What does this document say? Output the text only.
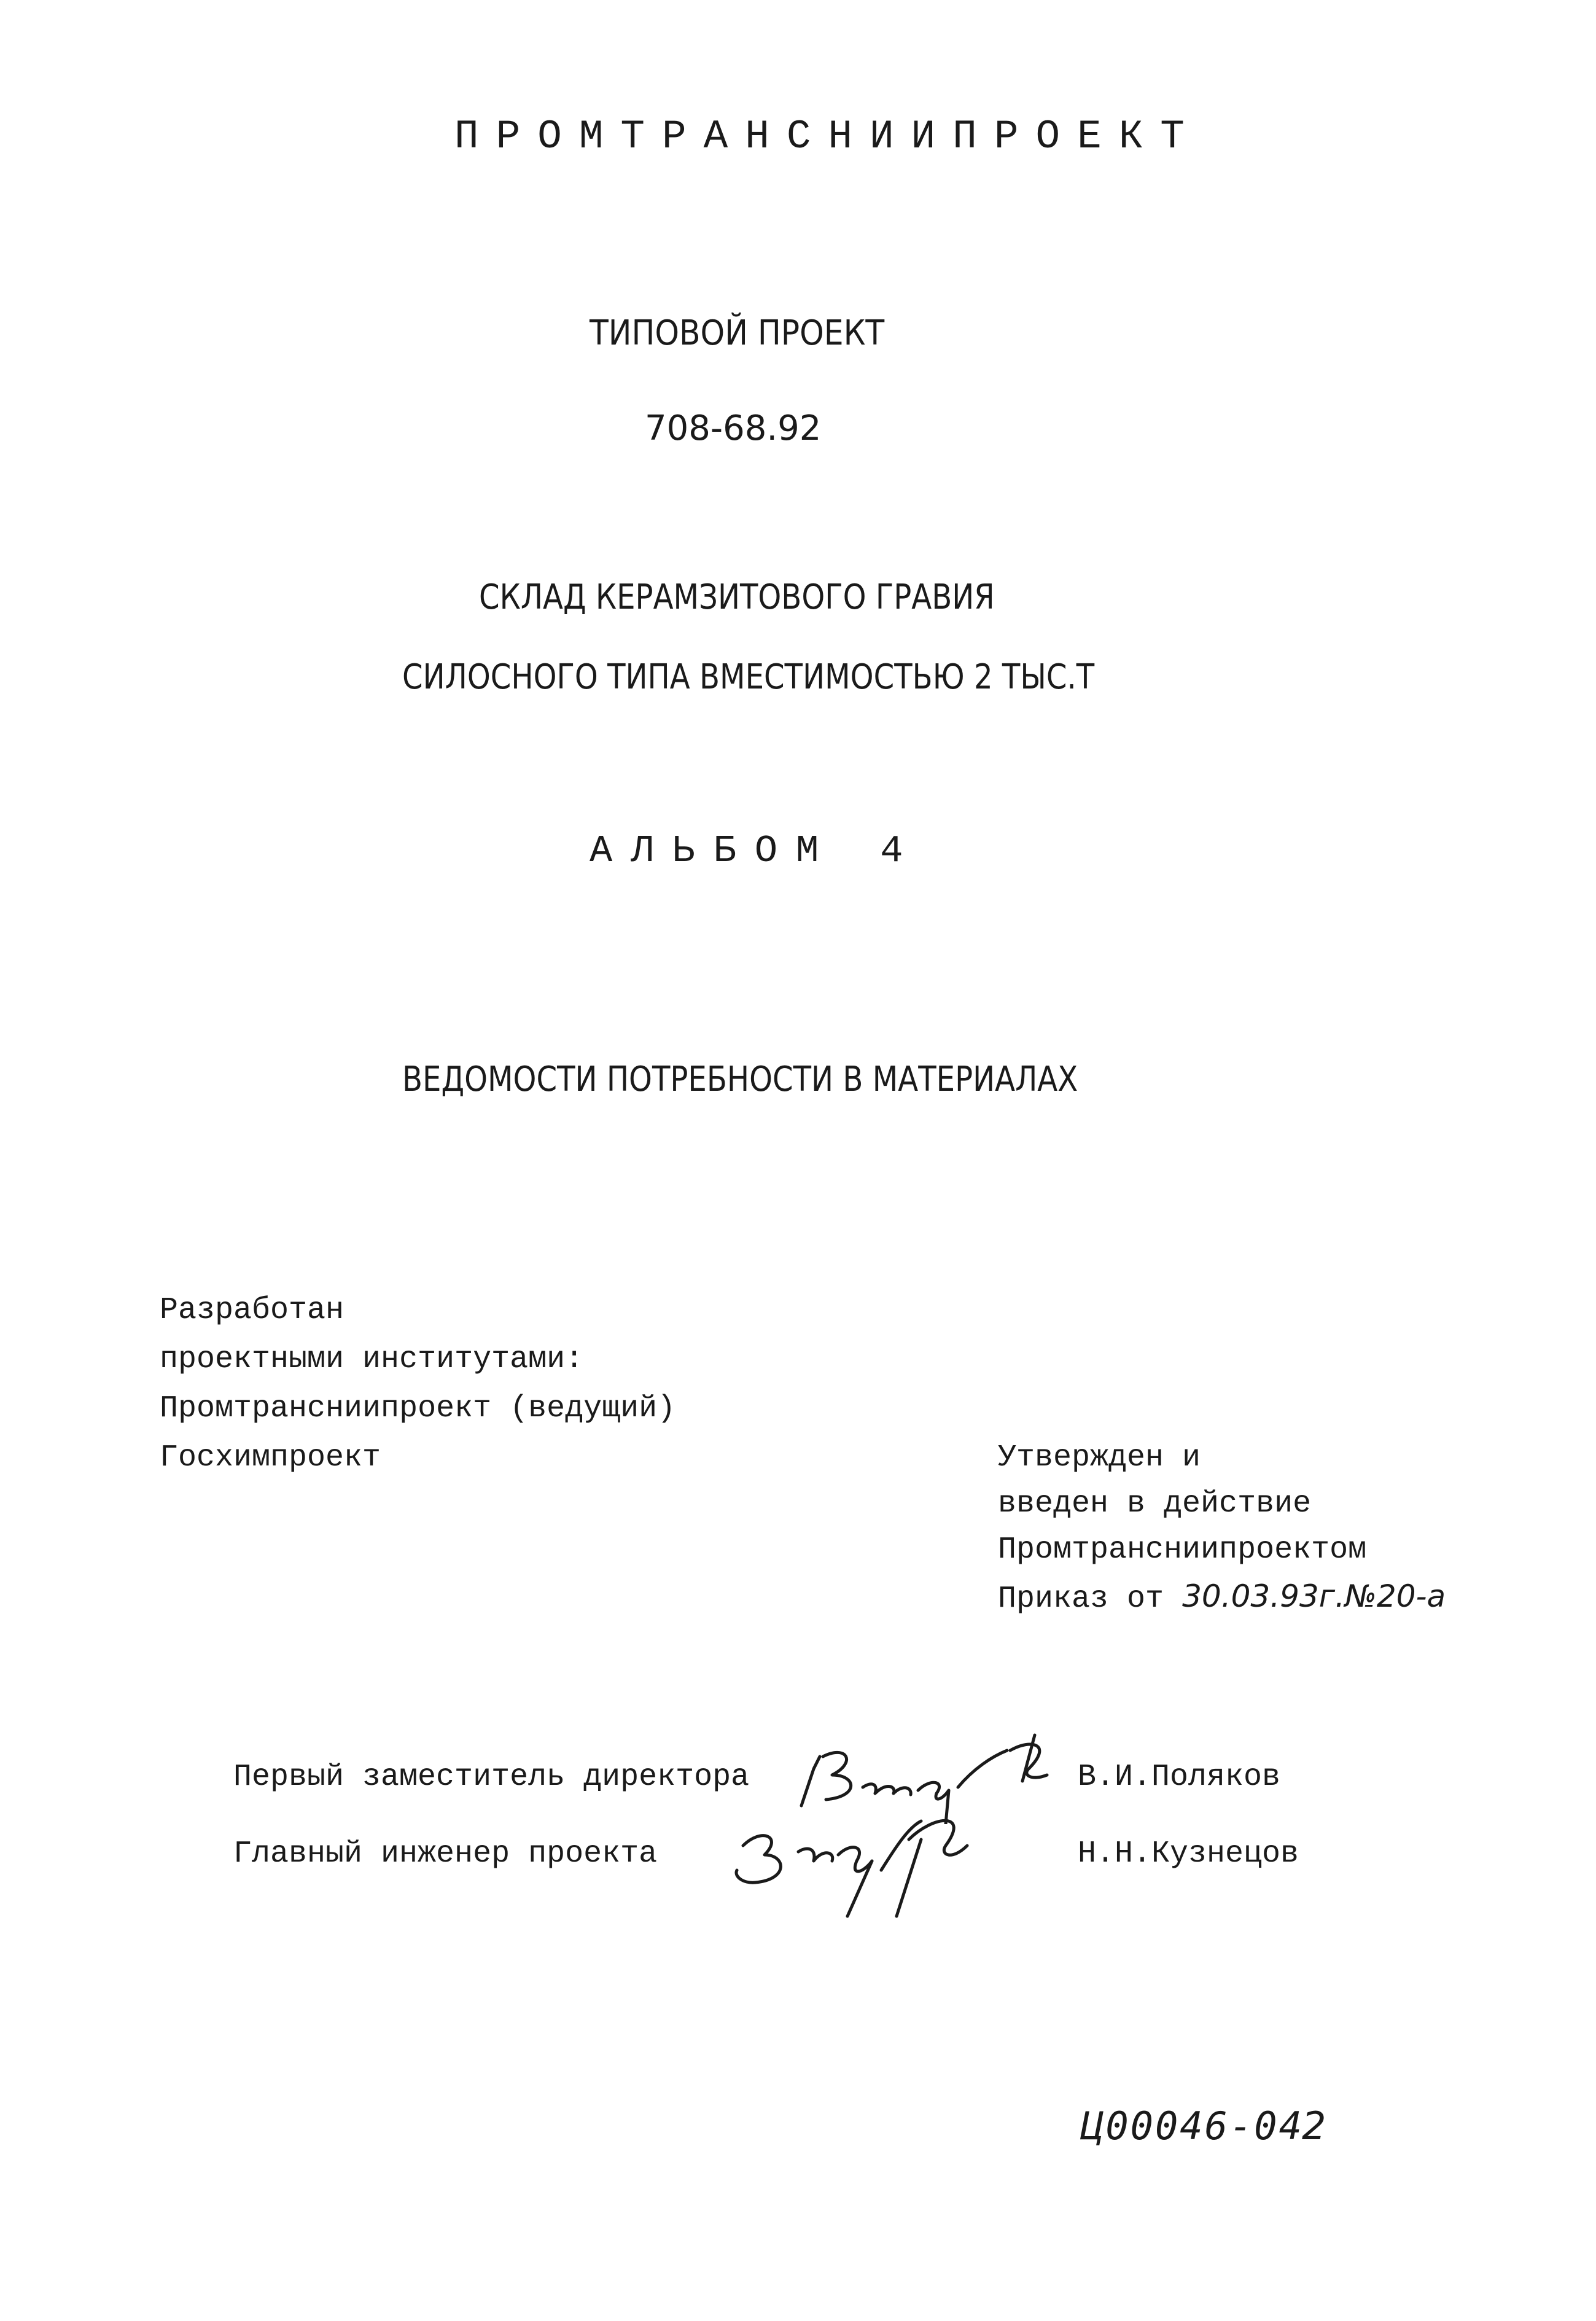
ПРОМТРАНСНИИПРОЕКТ
ТИПОВОЙ ПРОЕКТ
708-68.92
СКЛАД КЕРАМЗИТОВОГО ГРАВИЯ
СИЛОСНОГО ТИПА ВМЕСТИМОСТЬЮ 2 ТЫС.Т
АЛЬБОМ 4
ВЕДОМОСТИ ПОТРЕБНОСТИ В МАТЕРИАЛАХ
Разработан
проектными институтами:
Промтрансниипроект (ведущий)
Госхимпроект	Утвержден и
введен в действие
Промтрансниипроектом
Приказ от 30.03.93г.№20-а
Первый заместитель директора	В.И.Поляков
Главный инженер проекта	Н.Н.Кузнецов
Ц00046-04
2
